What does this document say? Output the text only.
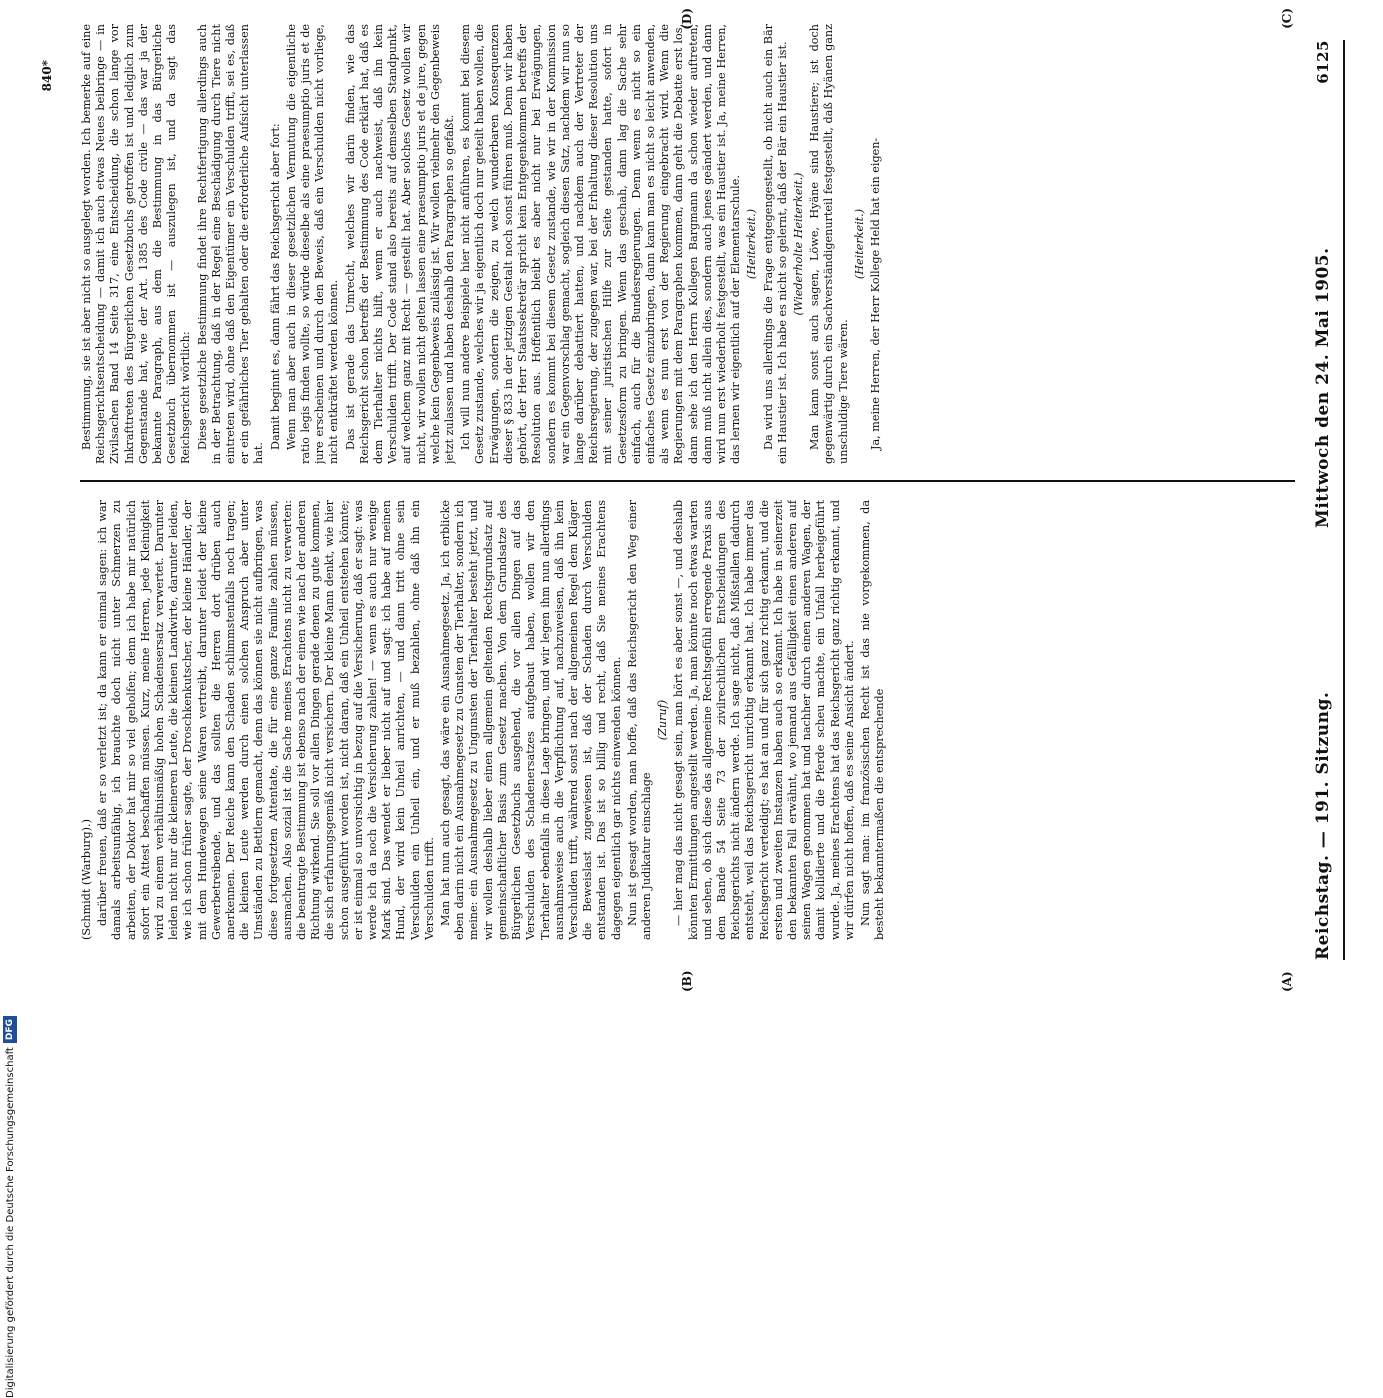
Reichstag. — 191. Sitzung.
Mittwoch den 24. Mai 1905.
6125

(Schmidt (Warburg).) darüber freuen, daß er so verletzt ist; da kann er einmal sagen: ich war damals arbeitsunfähig, ich brauchte doch nicht unter Schmerzen zu arbeiten, der Doktor hat mir so viel geholfen; denn ich habe mir natürlich sofort ein Attest beschaffen müssen. Kurz, meine Herren, jede Kleinigkeit wird zu einem verhältnismäßig hohen Schadensersatz verwertet. Darunter leiden nicht nur die kleineren Leute, die kleinen Landwirte, darunter leiden, wie ich schon früher sagte, der Droschkenkutscher, der kleine Händler, der mit dem Hundewagen seine Waren vertreibt, darunter leidet der kleine Gewerbetreibende, und das sollten die Herren dort drüben auch anerkennen. Der Reiche kann den Schaden schlimmstenfalls noch tragen; die kleinen Leute werden durch einen solchen Anspruch aber unter Umständen zu Bettlern gemacht, denn das können sie nicht aufbringen, was diese fortgesetzten Attentate, die für eine ganze Familie zahlen müssen, ausmachen. Also sozial ist die Sache meines Erachtens nicht zu verwerten: die beantragte Bestimmung ist ebenso nach der einen wie nach der anderen Richtung wirkend. Sie soll vor allen Dingen gerade denen zu gute kommen, die sich erfahrungsgemäß nicht versichern. Der kleine Mann denkt, wie hier schon ausgeführt worden ist, nicht daran, daß ein Unheil entstehen könnte; er ist einmal so unvorsichtig in bezug auf die Versicherung, daß er sagt: was werde ich da noch die Versicherung zahlen! — wenn es auch nur wenige Mark sind. Das wendet er lieber nicht auf und sagt: ich habe auf meinen Hund, der wird kein Unheil anrichten, — und dann tritt ohne sein Verschulden ein Unheil ein, und er muß bezahlen, ohne daß ihn ein Verschulden trifft. Man hat nun auch gesagt, das wäre ein Ausnahmegesetz. Ja, ich erblicke eben darin nicht ein Ausnahmegesetz zu Gunsten der Tierhalter, sondern ich meine: ein Ausnahmegesetz zu Ungunsten der Tierhalter besteht jetzt, und wir wollen deshalb lieber einen allgemein geltenden Rechtsgrundsatz auf gemeinschaftlicher Basis zum Gesetz machen. Von dem Grundsatze des Bürgerlichen Gesetzbuchs ausgehend, die vor allen Dingen auf das Verschulden des Schadenersatzes aufgebaut haben, wollen wir den Tierhalter ebenfalls in diese Lage bringen, und wir legen ihm nun allerdings ausnahmsweise auch die Verpflichtung auf, nachzuweisen, daß ihn kein Verschulden trifft, während sonst nach der allgemeinen Regel dem Kläger die Beweislast zugewiesen ist, daß der Schaden durch Verschulden entstanden ist. Das ist so billig und recht, daß Sie meines Erachtens dagegen eigentlich gar nichts einwenden können. Nun ist gesagt worden, man hoffe, daß das Reichsgericht den Weg einer anderen Judikatur einschlage

(Zuruf) — hier mag das nicht gesagt sein, man hört es aber sonst —, und deshalb könnten Ermittlungen angestellt werden. Ja, man könnte noch etwas warten und sehen, ob sich diese das allgemeine Rechtsgefühl erregende Praxis aus dem Bande 54 Seite 73 der zivilrechtlichen Entscheidungen des Reichsgerichts nicht ändern werde. Ich sage nicht, daß Mißstallen dadurch entsteht, weil das Reichsgericht unrichtig erkannt hat. Ich habe immer das Reichsgericht verteidigt; es hat an und für sich ganz richtig erkannt, und die ersten und zweiten Instanzen haben auch so erkannt. Ich habe in seinerzeit den bekannten Fall erwähnt, wo jemand aus Gefälligkeit einen anderen auf seinen Wagen genommen hat und nachher durch einen anderen Wagen, der damit kollidierte und die Pferde scheu machte, ein Unfall herbeigeführt wurde. Ja, meines Erachtens hat das Reichsgericht ganz richtig erkannt, und wir dürfen nicht hoffen, daß es seine Ansicht ändert. Nun sagt man: im französischen Recht ist das nie vorgekommen, da besteht bekanntermaßen die entsprechende

Bestimmung, sie ist aber nicht so ausgelegt worden. Ich bemerke auf eine Reichsgerichtsentscheidung — damit ich auch etwas Neues beibringe — in Zivilsachen Band 14 Seite 317, eine Entscheidung, die schon lange vor Inkrafttreten des Bürgerlichen Gesetzbuchs getroffen ist und lediglich zum Gegenstande hat, wie der Art. 1385 des Code civile — das war ja der bekannte Paragraph, aus dem die Bestimmung in das Bürgerliche Gesetzbuch übernommen ist — auszulegen ist, und da sagt das Reichsgericht wörtlich: Diese gesetzliche Bestimmung findet ihre Rechtfertigung allerdings auch in der Betrachtung, daß in der Regel eine Beschädigung durch Tiere nicht eintreten wird, ohne daß den Eigentümer ein Verschulden trifft, sei es, daß er ein gefährliches Tier gehalten oder die erforderliche Aufsicht unterlassen hat.

Damit beginnt es, dann fährt das Reichsgericht aber fort: Wenn man aber auch in dieser gesetzlichen Vermutung die eigentliche ratio legis finden wollte, so würde dieselbe als eine praesumptio juris et de jure erscheinen und durch den Beweis, daß ein Verschulden nicht vorliege, nicht entkräftet werden können. Das ist gerade das Umrecht, welches wir darin finden, wie das Reichsgericht schon betreffs der Bestimmung des Code erklärt hat, daß es dem Tierhalter nichts hilft, wenn er auch nachweist, daß ihn kein Verschulden trifft. Der Code stand also bereits auf demselben Standpunkt, auf welchem ganz mit Recht — gestellt hat. Aber solches Gesetz wollen wir nicht, wir wollen nicht gelten lassen eine praesumptio juris et de jure, gegen welche kein Gegenbeweis zulässig ist. Wir wollen vielmehr den Gegenbeweis jetzt zulassen und haben deshalb den Paragraphen so gefaßt. Ich will nun andere Beispiele hier nicht anführen, es kommt bei diesem Gesetz zustande, welches wir ja eigentlich doch nur geteilt haben wollen, die Erwägungen, sondern die zeigen, zu welch wunderbaren Konsequenzen dieser § 833 in der jetzigen Gestalt noch sonst führen muß. Denn wir haben gehört, der Herr Staatssekretär spricht kein Entgegenkommen betreffs der Resolution aus. Hoffentlich bleibt es aber nicht nur bei Erwägungen, sondern es kommt bei diesem Gesetz zustande, wie wir in der Kommission war ein Gegenvorschlag gemacht, sogleich diesen Satz, nachdem wir nun so lange darüber debattiert hatten, und nachdem auch der Vertreter der Reichsregierung, der zugegen war, bei der Erhaltung dieser Resolution uns mit seiner juristischen Hilfe zur Seite gestanden hatte, sofort in Gesetzesform zu bringen. Wenn das geschah, dann lag die Sache sehr einfach, auch für die Bundesregierungen. Denn wenn es nicht so ein einfaches Gesetz einzubringen, dann kann man es nicht so leicht anwenden, als wenn es nun erst von der Regierung eingebracht wird. Wenn die Regierungen mit dem Paragraphen kommen, dann geht die Debatte erst los, dann sehe ich den Herrn Kollegen Bargmann da schon wieder auftreten, dann muß nicht allein dies, sondern auch jenes geändert werden, und dann wird nun erst wiederholt festgestellt, was ein Haustier ist. Ja, meine Herren, das lernen wir eigentlich auf der Elementarschule. (Heiterkeit.) Da wird uns allerdings die Frage entgegengestellt, ob nicht auch ein Bär ein Haustier ist. Ich habe es nicht so gelernt, daß der Bär ein Haustier ist. (Wiederholte Heiterkeit.) Man kann sonst auch sagen, Löwe, Hyäne sind Haustiere; ist doch gegenwärtig durch ein Sachverständigenurteil festgestellt, daß Hyänen ganz unschuldige Tiere wären.

(Heiterkeit.) Ja, meine Herren, der Herr Kollege Held hat ein eigen-

(A)
(B)
(C)
(D)
840*
Digitalisierung gefördert durch die Deutsche Forschungsgemeinschaft
DFG
